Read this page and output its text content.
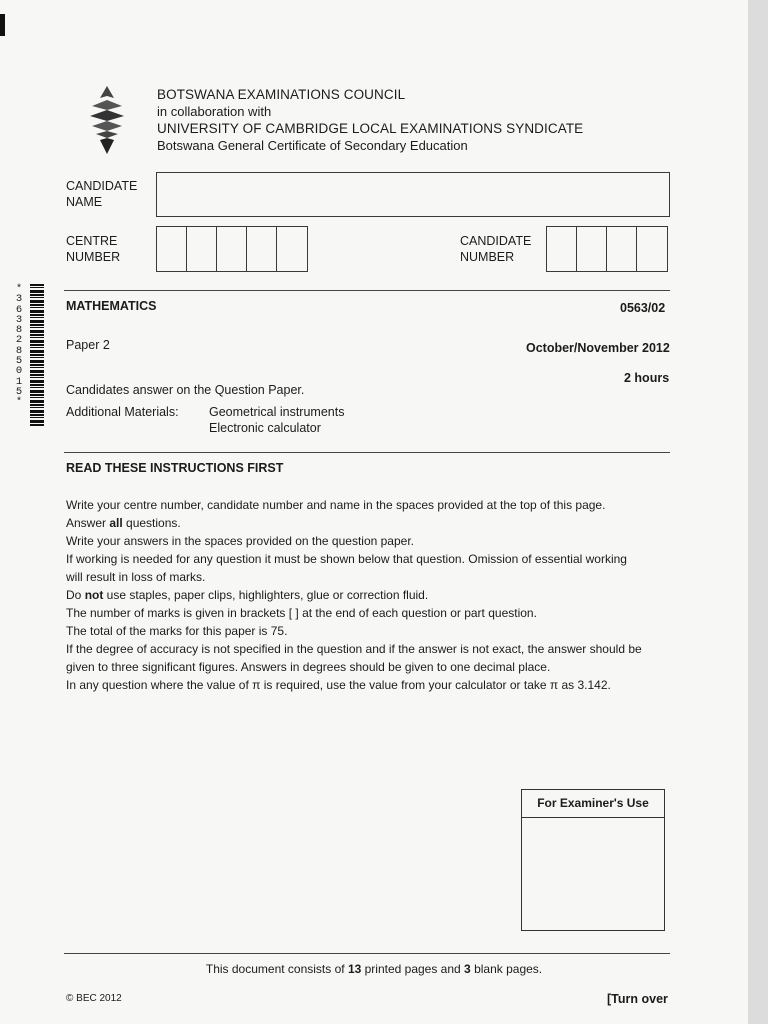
BOTSWANA EXAMINATIONS COUNCIL
in collaboration with
UNIVERSITY OF CAMBRIDGE LOCAL EXAMINATIONS SYNDICATE
Botswana General Certificate of Secondary Education
CANDIDATE
NAME
CENTRE
NUMBER
CANDIDATE
NUMBER
*
3
6
3
8
2
8
5
0
1
5
*
MATHEMATICS	0563/02
Paper 2	October/November 2012
2 hours
Candidates answer on the Question Paper.
Additional Materials: Geometrical instruments
Electronic calculator
READ THESE INSTRUCTIONS FIRST

Write your centre number, candidate number and name in the spaces provided at the top of this page.

Answer all questions.

Write your answers in the spaces provided on the question paper.

If working is needed for any question it must be shown below that question. Omission of essential working

will result in loss of marks.

Do not use staples, paper clips, highlighters, glue or correction fluid.

The number of marks is given in brackets [ ] at the end of each question or part question.

The total of the marks for this paper is 75.

If the degree of accuracy is not specified in the question and if the answer is not exact, the answer should be

given to three significant figures. Answers in degrees should be given to one decimal place.

In any question where the value of π is required, use the value from your calculator or take π as 3.142.

For Examiner's Use
This document consists of 13 printed pages and 3 blank pages.
© BEC 2012	[Turn over
